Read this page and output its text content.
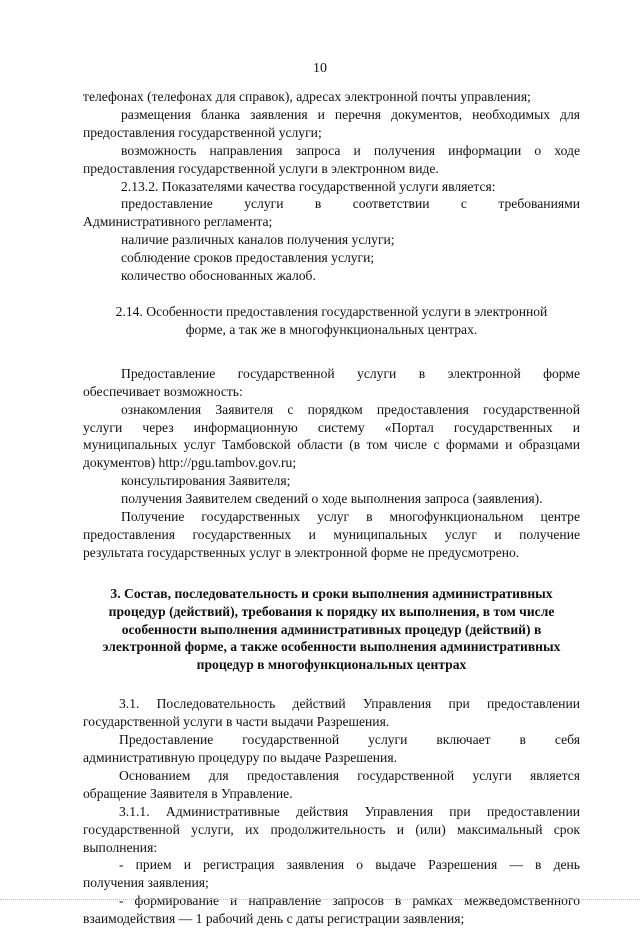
10

телефонах (телефонах для справок), адресах электронной почты управления;

размещения бланка заявления и перечня документов, необходимых для

предоставления государственной услуги;

возможность направления запроса и получения информации о ходе

предоставления государственной услуги в электронном виде.

2.13.2. Показателями качества государственной услуги является:

предоставление услуги в соответствии с требованиями

Административного регламента;

наличие различных каналов получения услуги;

соблюдение сроков предоставления услуги;

количество обоснованных жалоб.

2.14. Особенности предоставления государственной услуги в электронной

форме, а так же в многофункциональных центрах.

Предоставление государственной услуги в электронной форме

обеспечивает возможность:

ознакомления Заявителя с порядком предоставления государственной

услуги через информационную систему «Портал государственных и

муниципальных услуг Тамбовской области (в том числе с формами и образцами

документов) http://pgu.tambov.gov.ru;

консультирования Заявителя;

получения Заявителем сведений о ходе выполнения запроса (заявления).

Получение государственных услуг в многофункциональном центре

предоставления государственных и муниципальных услуг и получение

результата государственных услуг в электронной форме не предусмотрено.

3. Состав, последовательность и сроки выполнения административных

процедур (действий), требования к порядку их выполнения, в том числе

особенности выполнения административных процедур (действий) в

электронной форме, а также особенности выполнения административных

процедур в многофункциональных центрах

3.1. Последовательность действий Управления при предоставлении

государственной услуги в части выдачи Разрешения.

Предоставление государственной услуги включает в себя

административную процедуру по выдаче Разрешения.

Основанием для предоставления государственной услуги является

обращение Заявителя в Управление.

3.1.1. Административные действия Управления при предоставлении

государственной услуги, их продолжительность и (или) максимальный срок

выполнения:

- прием и регистрация заявления о выдаче Разрешения — в день

получения заявления;

- формирование и направление запросов в рамках межведомственного

взаимодействия — 1 рабочий день с даты регистрации заявления;
